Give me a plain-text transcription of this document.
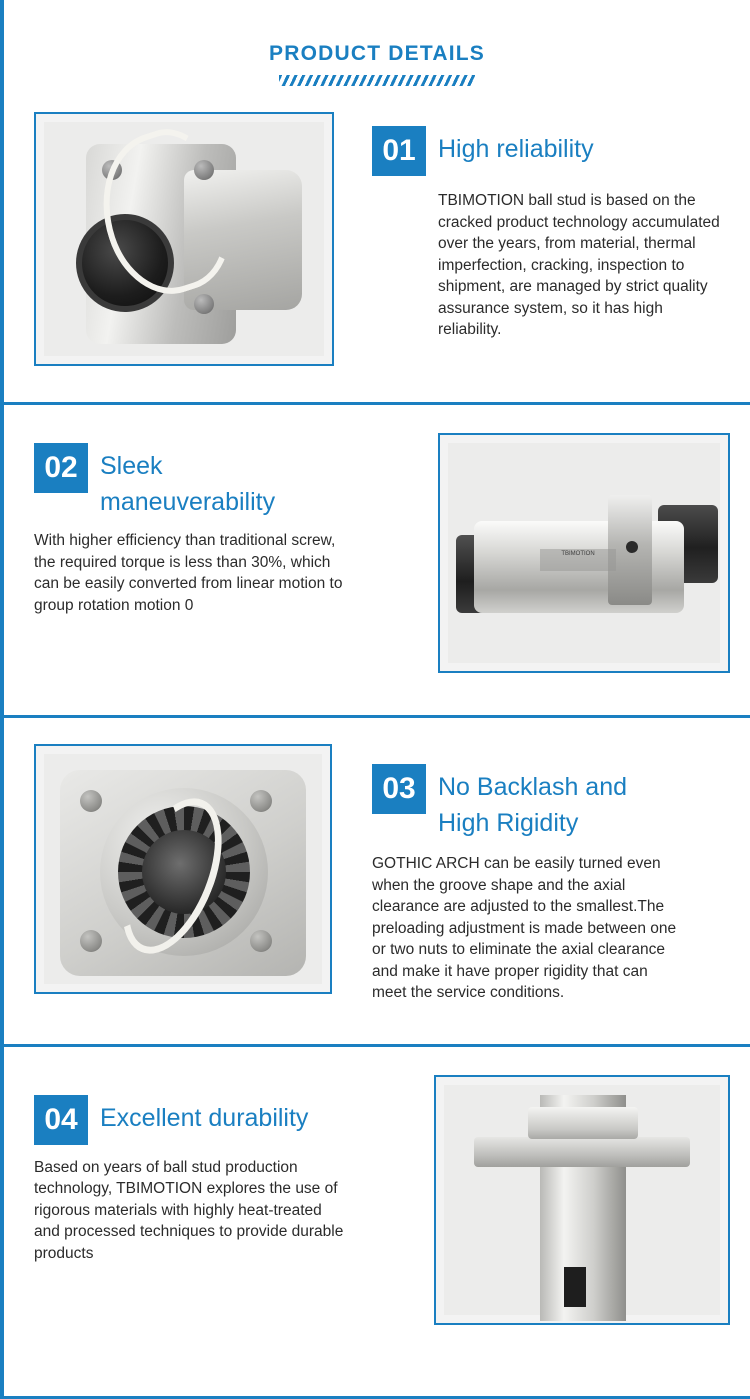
PRODUCT DETAILS
01 High reliability
TBIMOTION ball stud is based on the cracked product technology accumulated over the years, from material, thermal imperfection, cracking, inspection to shipment, are managed by strict quality assurance system, so it has high reliability.
TBIMOTION
02 Sleek maneuverability
With higher efficiency than traditional screw, the required torque is less than 30%, which can be easily converted from linear motion to group rotation motion 0
03 No Backlash and High Rigidity
GOTHIC ARCH can be easily turned even when the groove shape and the axial clearance are adjusted to the smallest.The preloading adjustment is made between one or two nuts to eliminate the axial clearance and make it have proper rigidity that can meet the service conditions.
04 Excellent durability
Based on years of ball stud production technology, TBIMOTION explores the use of rigorous materials with highly heat-treated and processed techniques to provide durable products
